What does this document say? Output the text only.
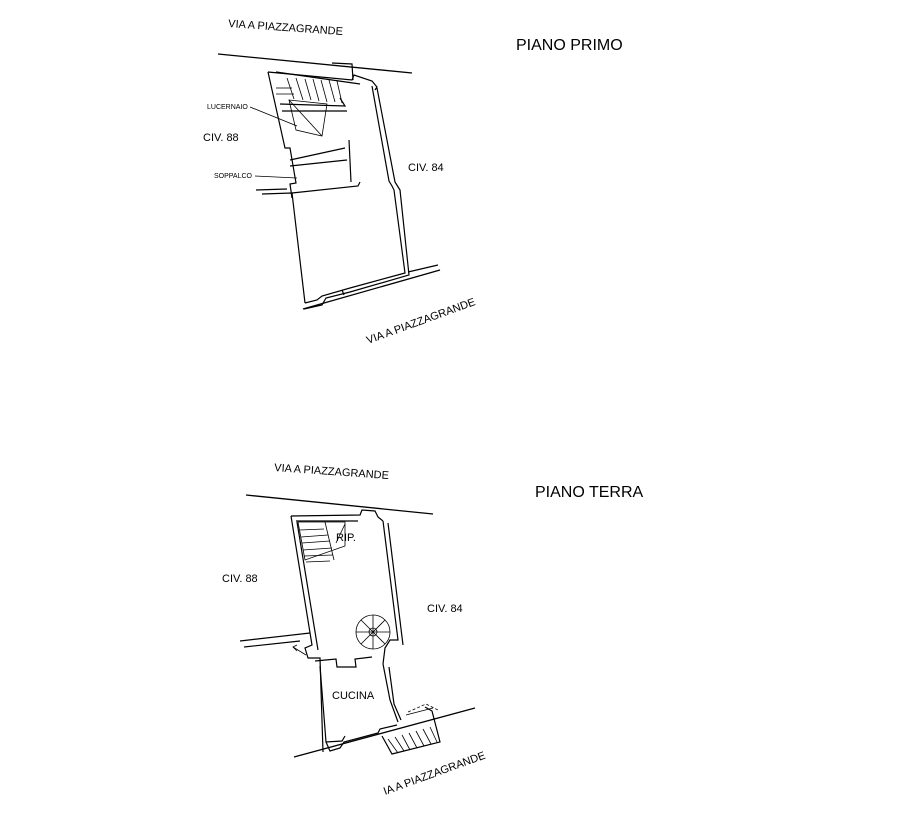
PIANO PRIMO
VIA A PIAZZAGRANDE
VIA A PIAZZAGRANDE
CIV. 88
CIV. 84
LUCERNAIO
SOPPALCO
PIANO TERRA
VIA A PIAZZAGRANDE
IA A PIAZZAGRANDE
CIV. 88
CIV. 84
RIP.
CUCINA
